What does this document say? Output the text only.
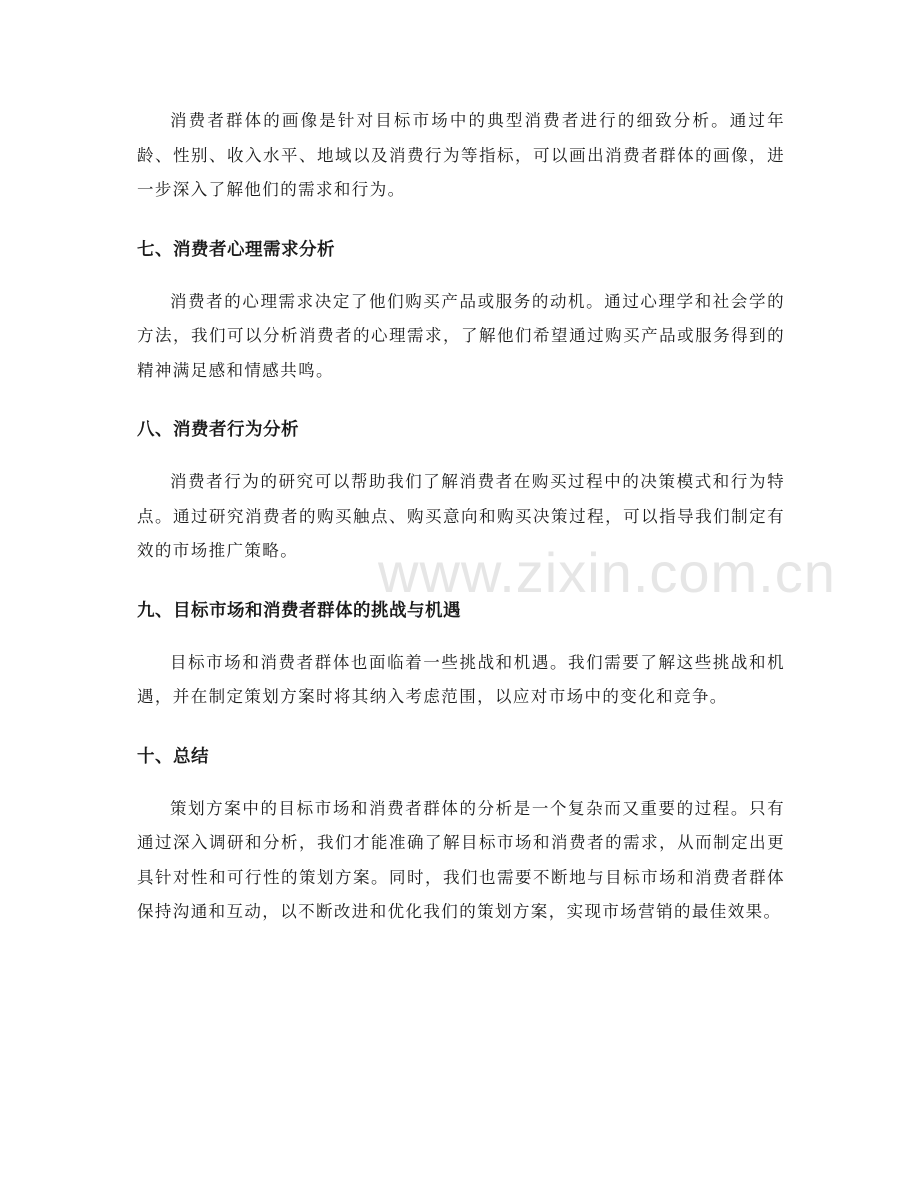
www.zixin.com.cn

消费者群体的画像是针对目标市场中的典型消费者进行的细致分析。通过年龄、性别、收入水平、地域以及消费行为等指标，可以画出消费者群体的画像，进一步深入了解他们的需求和行为。

七、消费者心理需求分析

消费者的心理需求决定了他们购买产品或服务的动机。通过心理学和社会学的方法，我们可以分析消费者的心理需求，了解他们希望通过购买产品或服务得到的精神满足感和情感共鸣。

八、消费者行为分析

消费者行为的研究可以帮助我们了解消费者在购买过程中的决策模式和行为特点。通过研究消费者的购买触点、购买意向和购买决策过程，可以指导我们制定有效的市场推广策略。

九、目标市场和消费者群体的挑战与机遇

目标市场和消费者群体也面临着一些挑战和机遇。我们需要了解这些挑战和机遇，并在制定策划方案时将其纳入考虑范围，以应对市场中的变化和竞争。

十、总结

策划方案中的目标市场和消费者群体的分析是一个复杂而又重要的过程。只有通过深入调研和分析，我们才能准确了解目标市场和消费者的需求，从而制定出更具针对性和可行性的策划方案。同时，我们也需要不断地与目标市场和消费者群体保持沟通和互动，以不断改进和优化我们的策划方案，实现市场营销的最佳效果。
